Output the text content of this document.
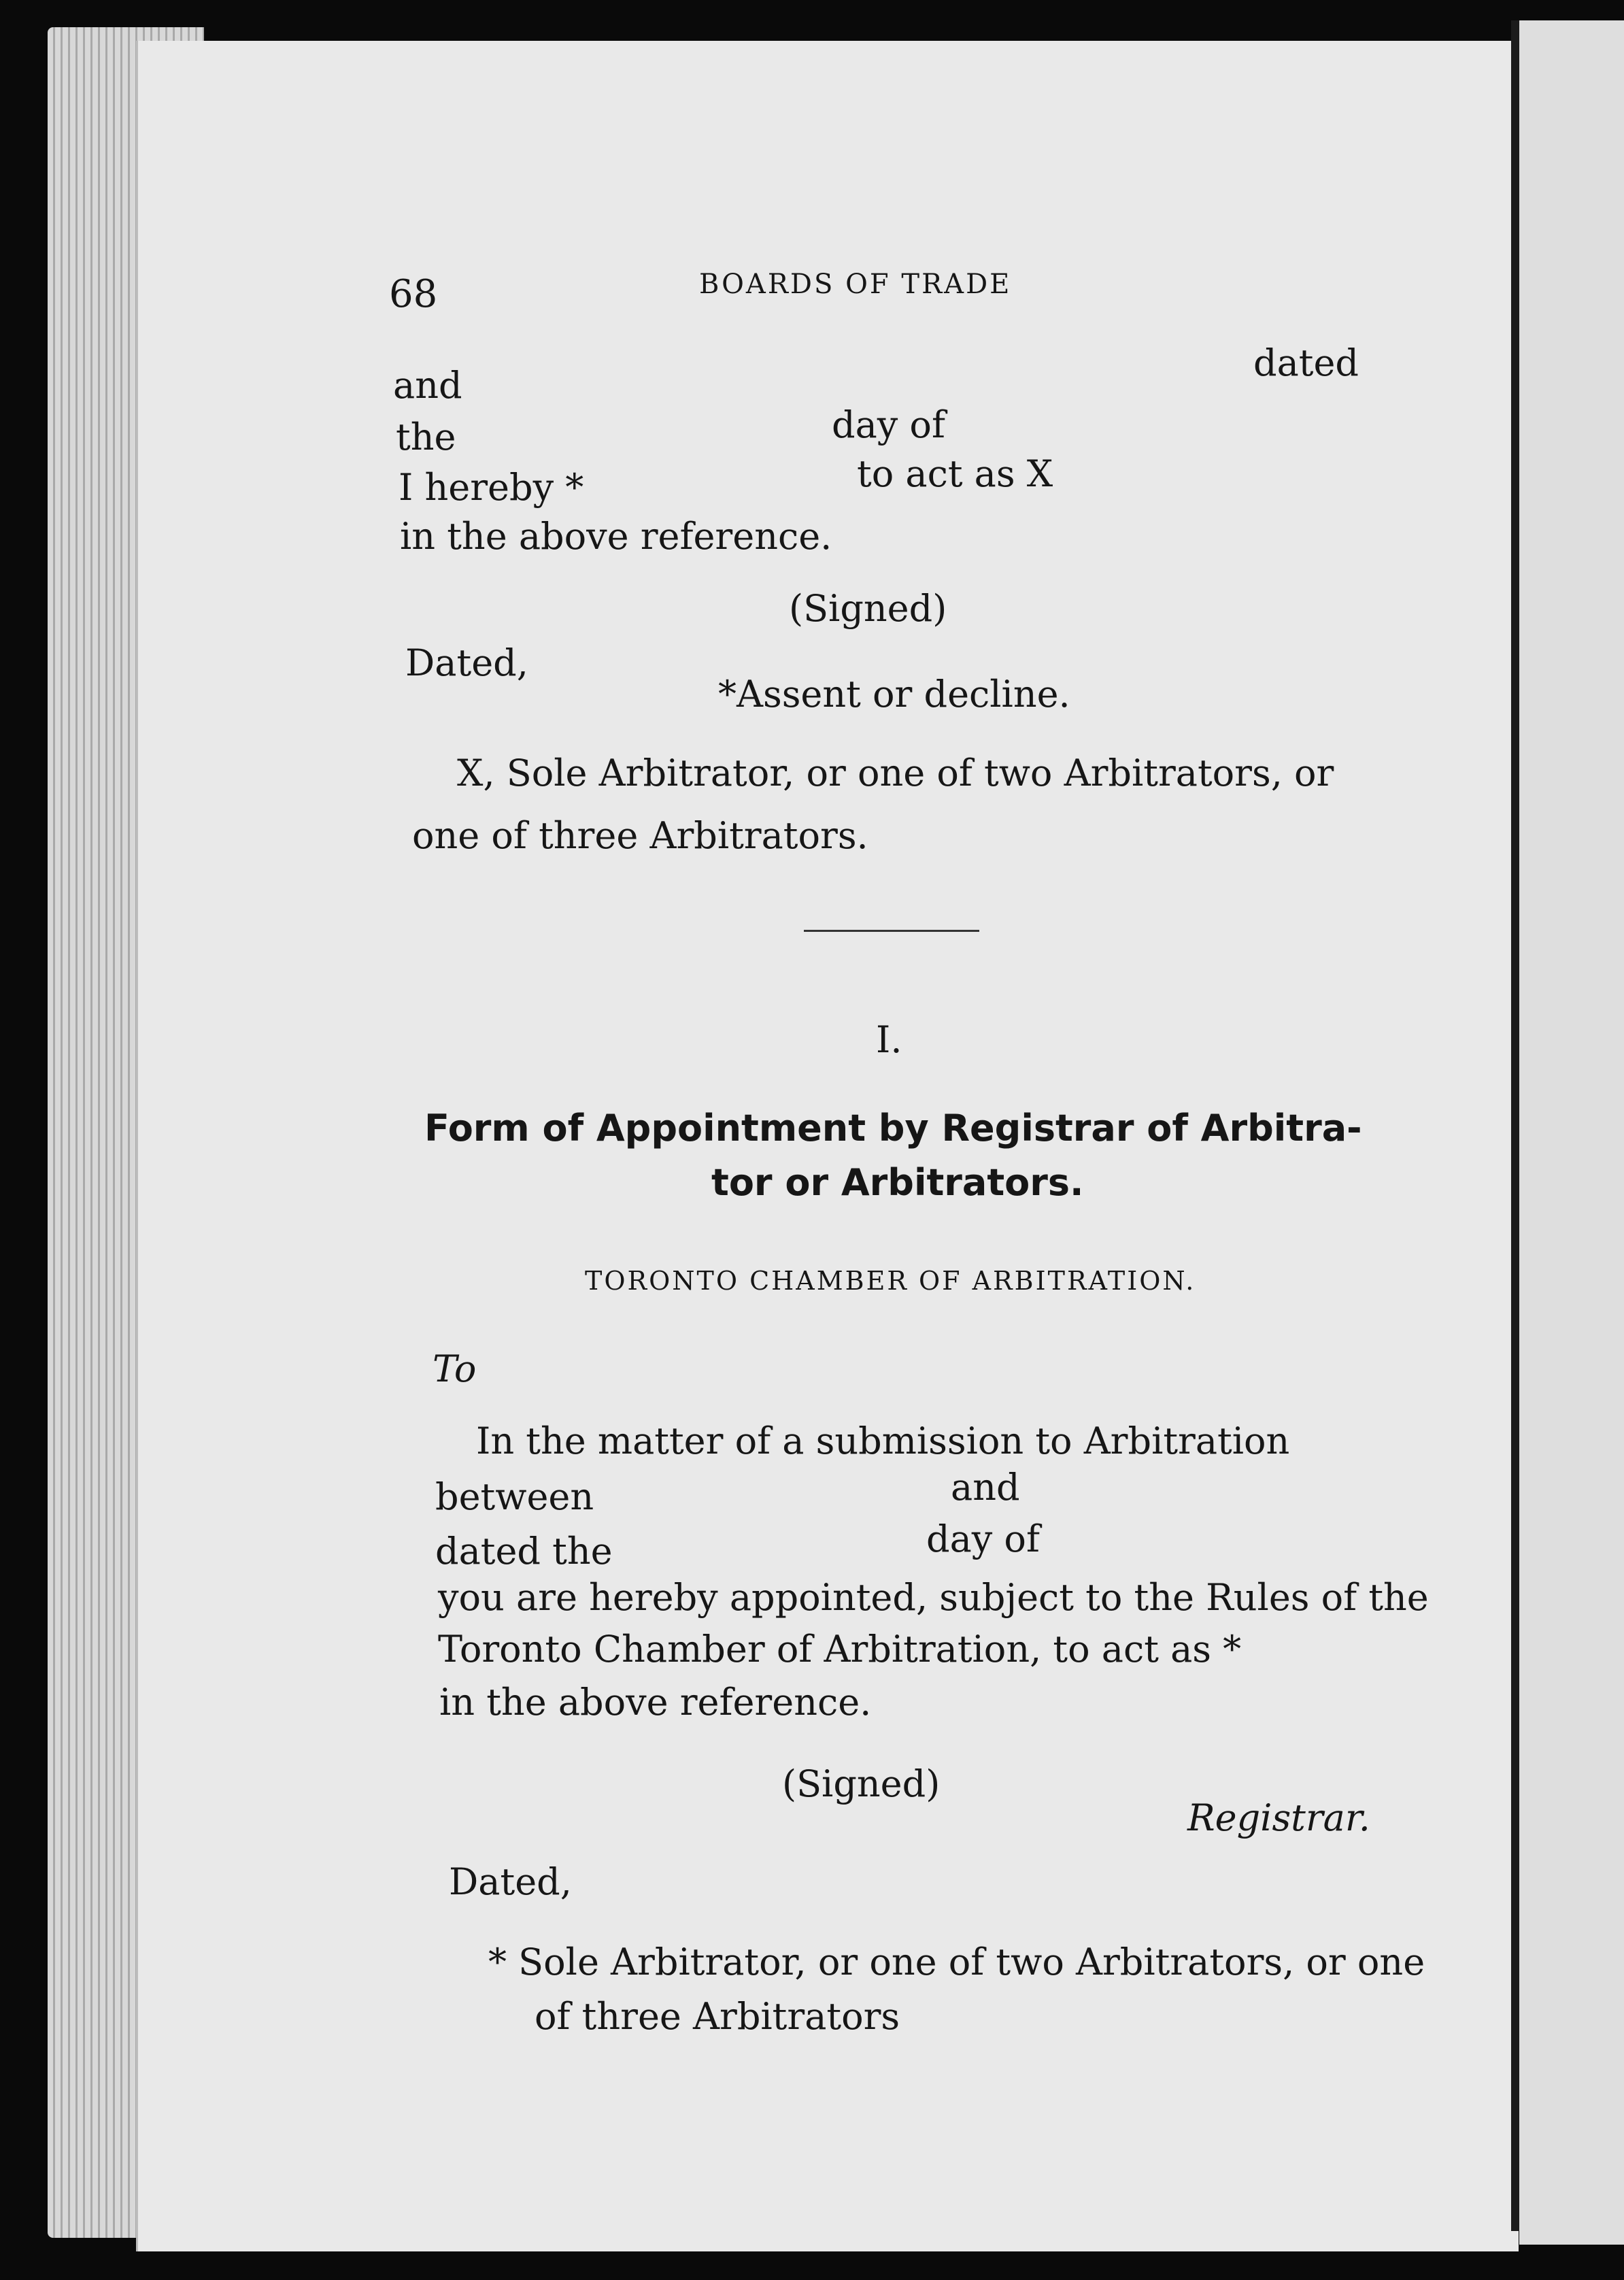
68	BOARDS OF TRADE
and
dated
the	day of
I hereby *	to act as X
in the above reference.
(Signed)
Dated,
*Assent or decline.
X, Sole Arbitrator, or one of two Arbitrators, or
one of three Arbitrators.
I.
Form of Appointment by Registrar of Arbitra-
tor or Arbitrators.
TORONTO CHAMBER OF ARBITRATION.
To
In the matter of a submission to Arbitration
between	and
dated the	day of
you are hereby appointed, subject to the Rules of the
Toronto Chamber of Arbitration, to act as *
in the above reference.
(Signed)
Registrar.
Dated,
* Sole Arbitrator, or one of two Arbitrators, or one
of three Arbitrators
